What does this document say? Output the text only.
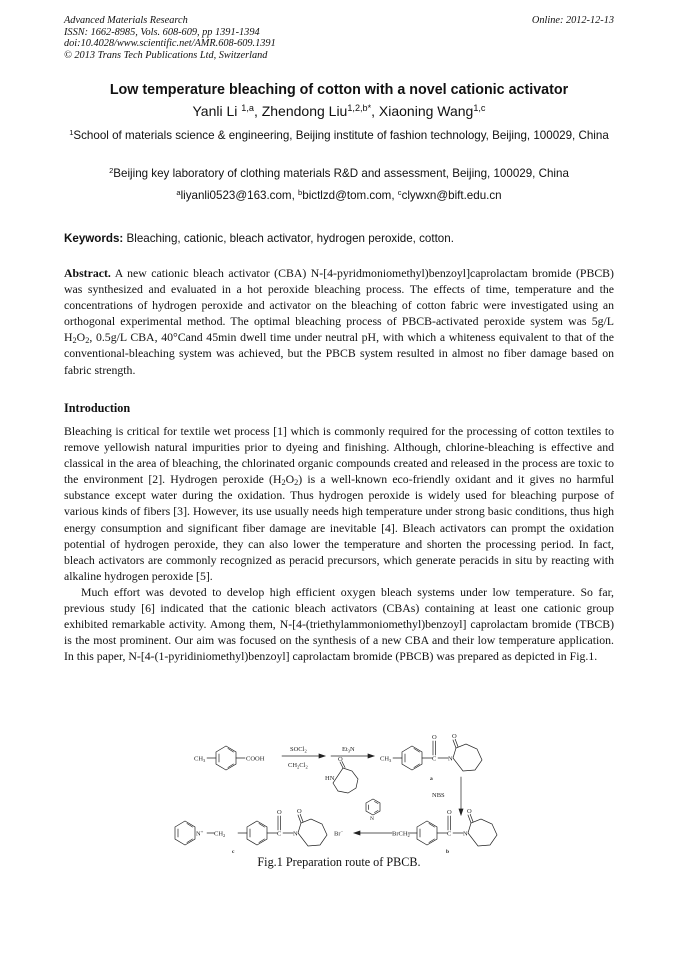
Advanced Materials Research
ISSN: 1662-8985, Vols. 608-609, pp 1391-1394
doi:10.4028/www.scientific.net/AMR.608-609.1391
© 2013 Trans Tech Publications Ltd, Switzerland
Online: 2012-12-13
Low temperature bleaching of cotton with a novel cationic activator
Yanli Li $^{1,a}$, Zhendong Liu$^{1,2,b*}$, Xiaoning Wang$^{1,c}$
$^1$School of materials science & engineering, Beijing institute of fashion technology, Beijing, 100029, China
$^2$Beijing key laboratory of clothing materials R&D and assessment, Beijing, 100029, China
$^a$liyanli0523@163.com, $^b$bictlzd@tom.com, $^c$clywxn@bift.edu.cn
Keywords: Bleaching, cationic, bleach activator, hydrogen peroxide, cotton.

Abstract. A new cationic bleach activator (CBA) N-[4-pyridmoniomethyl)benzoyl]caprolactam bromide (PBCB) was synthesized and evaluated in a hot peroxide bleaching process. The effects of time, temperature and the concentrations of hydrogen peroxide and activator on the bleaching of cotton fabric were investigated using an orthogonal experimental method. The optimal bleaching process of PBCB-activated peroxide system was 5g/L $H_2O_2$, 0.5g/L CBA, 40°Cand 45min dwell time under neutral pH, with which a whiteness equivalent to that of the conventional-bleaching system was achieved, but the PBCB system resulted in almost no fiber damage based on fabric strength.

Introduction

Bleaching is critical for textile wet process [1] which is commonly required for the processing of cotton textiles to remove yellowish natural impurities prior to dyeing and finishing. Although, chlorine-bleaching is effective and classical in the area of bleaching, the chlorinated organic compounds created and released in the process are toxic to the environment [2]. Hydrogen peroxide $(H_2O_2)$ is a well-known eco-friendly oxidant and it gives no harmful substance except water during the oxidation. Thus hydrogen peroxide is widely used for bleaching purpose of various kinds of fibers [3]. However, its use usually needs high temperature under strong basic conditions, thus high energy consumption and significant fiber damage are inevitable [4]. Bleach activators can prompt the oxidation potential of hydrogen peroxide, they can also lower the temperature and shorten the processing period. In fact, bleach activators are commonly recognized as peracid precursors, which generate peracids in situ by reacting with alkaline hydrogen peroxide [5].

Much effort was devoted to develop high efficient oxygen bleach systems under low temperature. So far, previous study [6] indicated that the cationic bleach activators (CBAs) containing at least one cationic group exhibited remarkable activity. Among them, N-[4-(triethylammoniomethyl)benzoyl] caprolactam bromide (TBCB) is the most prominent. Our aim was focused on the synthesis of a new CBA and their low temperature application. In this paper, N-[4-(1-pyridiniomethyl)benzoyl] caprolactam bromide (PBCB) was prepared as depicted in Fig.1.

$CH_3$	COOH
SOCl$_2$
$CH_2Cl_2$
$Et_3N$
O
HN
$CH_3$
O
C N
O
a
NBS
BrCH$_2$
O
C N
O
b
N
Br−
N+ $CH_2$
O
C N
O
c
Fig.1 Preparation route of PBCB.
